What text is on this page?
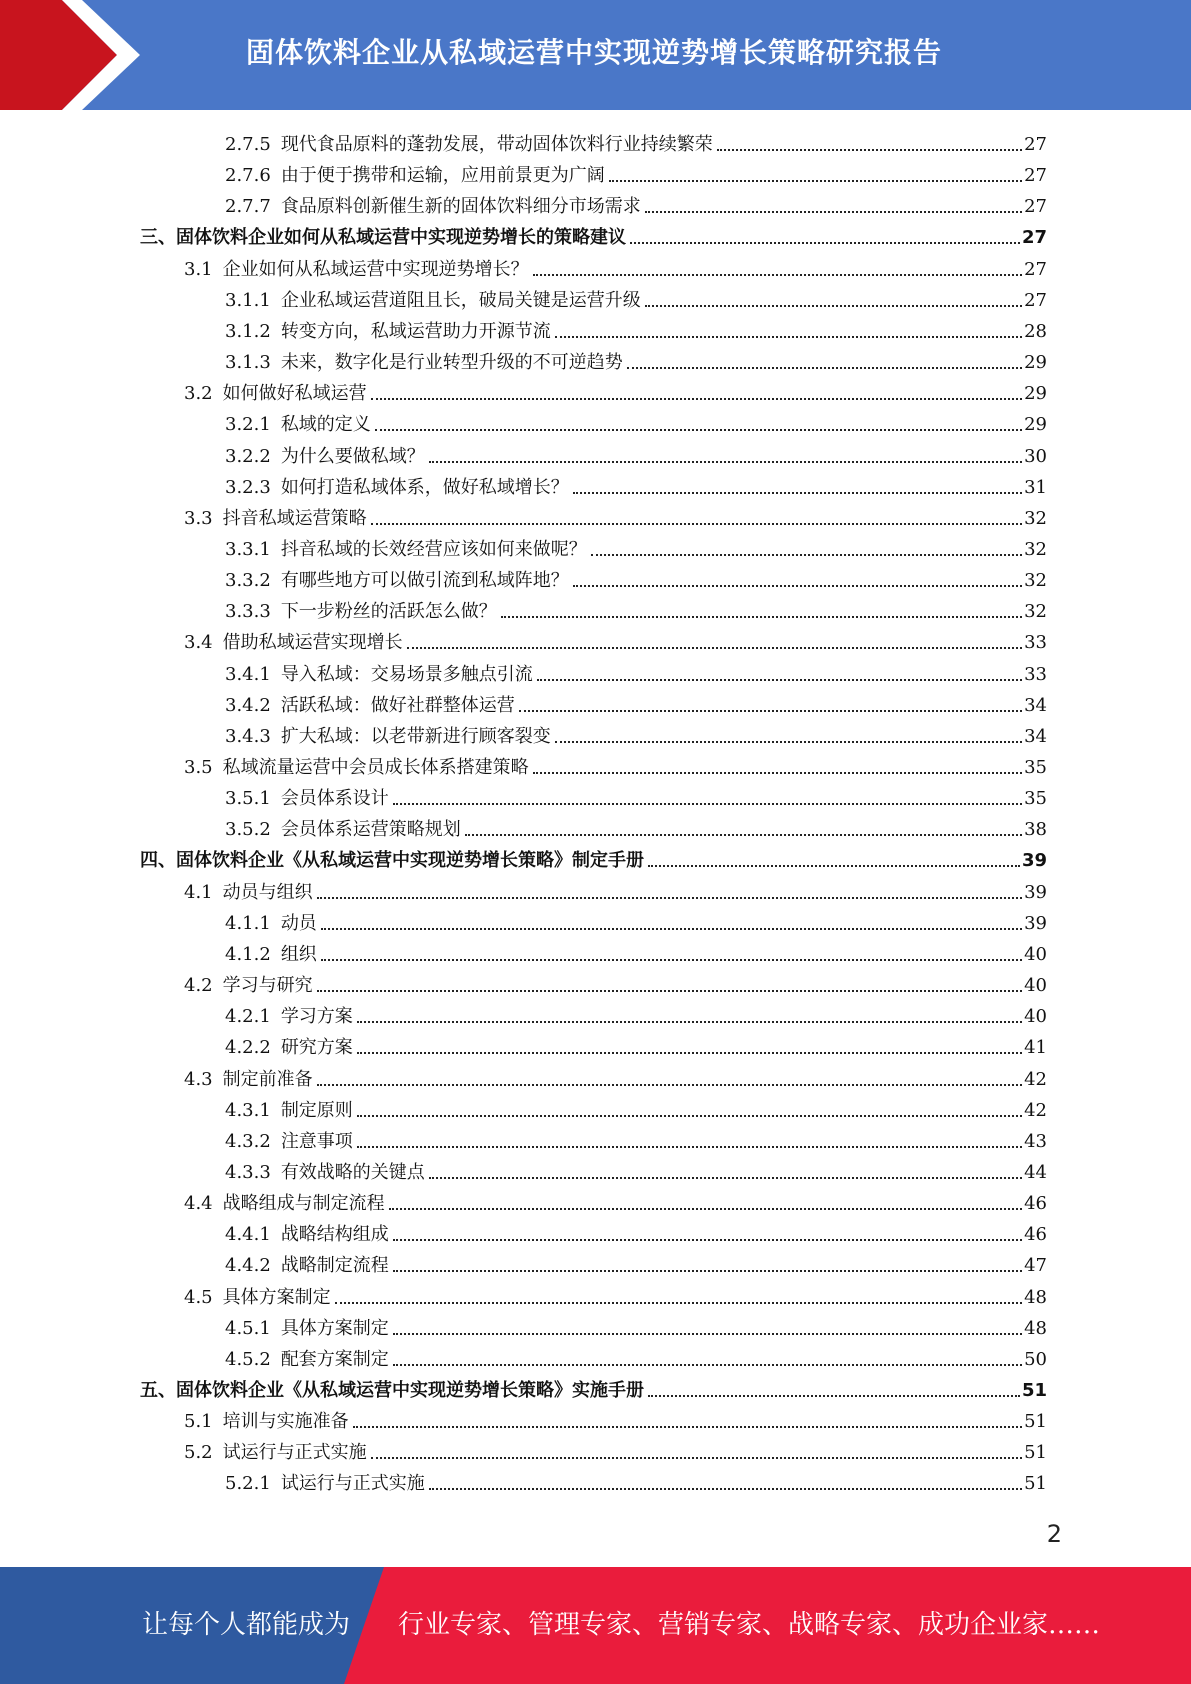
固体饮料企业从私域运营中实现逆势增长策略研究报告
2.7.5 现代食品原料的蓬勃发展，带动固体饮料行业持续繁荣	27
2.7.6 由于便于携带和运输，应用前景更为广阔	27
2.7.7 食品原料创新催生新的固体饮料细分市场需求	27
三、 固体饮料企业如何从私域运营中实现逆势增长的策略建议	27
3.1 企业如何从私域运营中实现逆势增长？	27
3.1.1 企业私域运营道阻且长，破局关键是运营升级	27
3.1.2 转变方向，私域运营助力开源节流	28
3.1.3 未来，数字化是行业转型升级的不可逆趋势	29
3.2 如何做好私域运营	29
3.2.1 私域的定义	29
3.2.2 为什么要做私域？	30
3.2.3 如何打造私域体系，做好私域增长？	31
3.3 抖音私域运营策略	32
3.3.1 抖音私域的长效经营应该如何来做呢？	32
3.3.2 有哪些地方可以做引流到私域阵地？	32
3.3.3 下一步粉丝的活跃怎么做？	32
3.4 借助私域运营实现增长	33
3.4.1 导入私域：交易场景多触点引流	33
3.4.2 活跃私域：做好社群整体运营	34
3.4.3 扩大私域：以老带新进行顾客裂变	34
3.5 私域流量运营中会员成长体系搭建策略	35
3.5.1 会员体系设计	35
3.5.2 会员体系运营策略规划	38
四、 固体饮料企业《从私域运营中实现逆势增长策略》制定手册	39
4.1 动员与组织	39
4.1.1 动员	39
4.1.2 组织	40
4.2 学习与研究	40
4.2.1 学习方案	40
4.2.2 研究方案	41
4.3 制定前准备	42
4.3.1 制定原则	42
4.3.2 注意事项	43
4.3.3 有效战略的关键点	44
4.4 战略组成与制定流程	46
4.4.1 战略结构组成	46
4.4.2 战略制定流程	47
4.5 具体方案制定	48
4.5.1 具体方案制定	48
4.5.2 配套方案制定	50
五、 固体饮料企业《从私域运营中实现逆势增长策略》实施手册	51
5.1 培训与实施准备	51
5.2 试运行与正式实施	51
5.2.1 试运行与正式实施	51
2
让每个人都能成为 行业专家、管理专家、营销专家、战略专家、成功企业家……
